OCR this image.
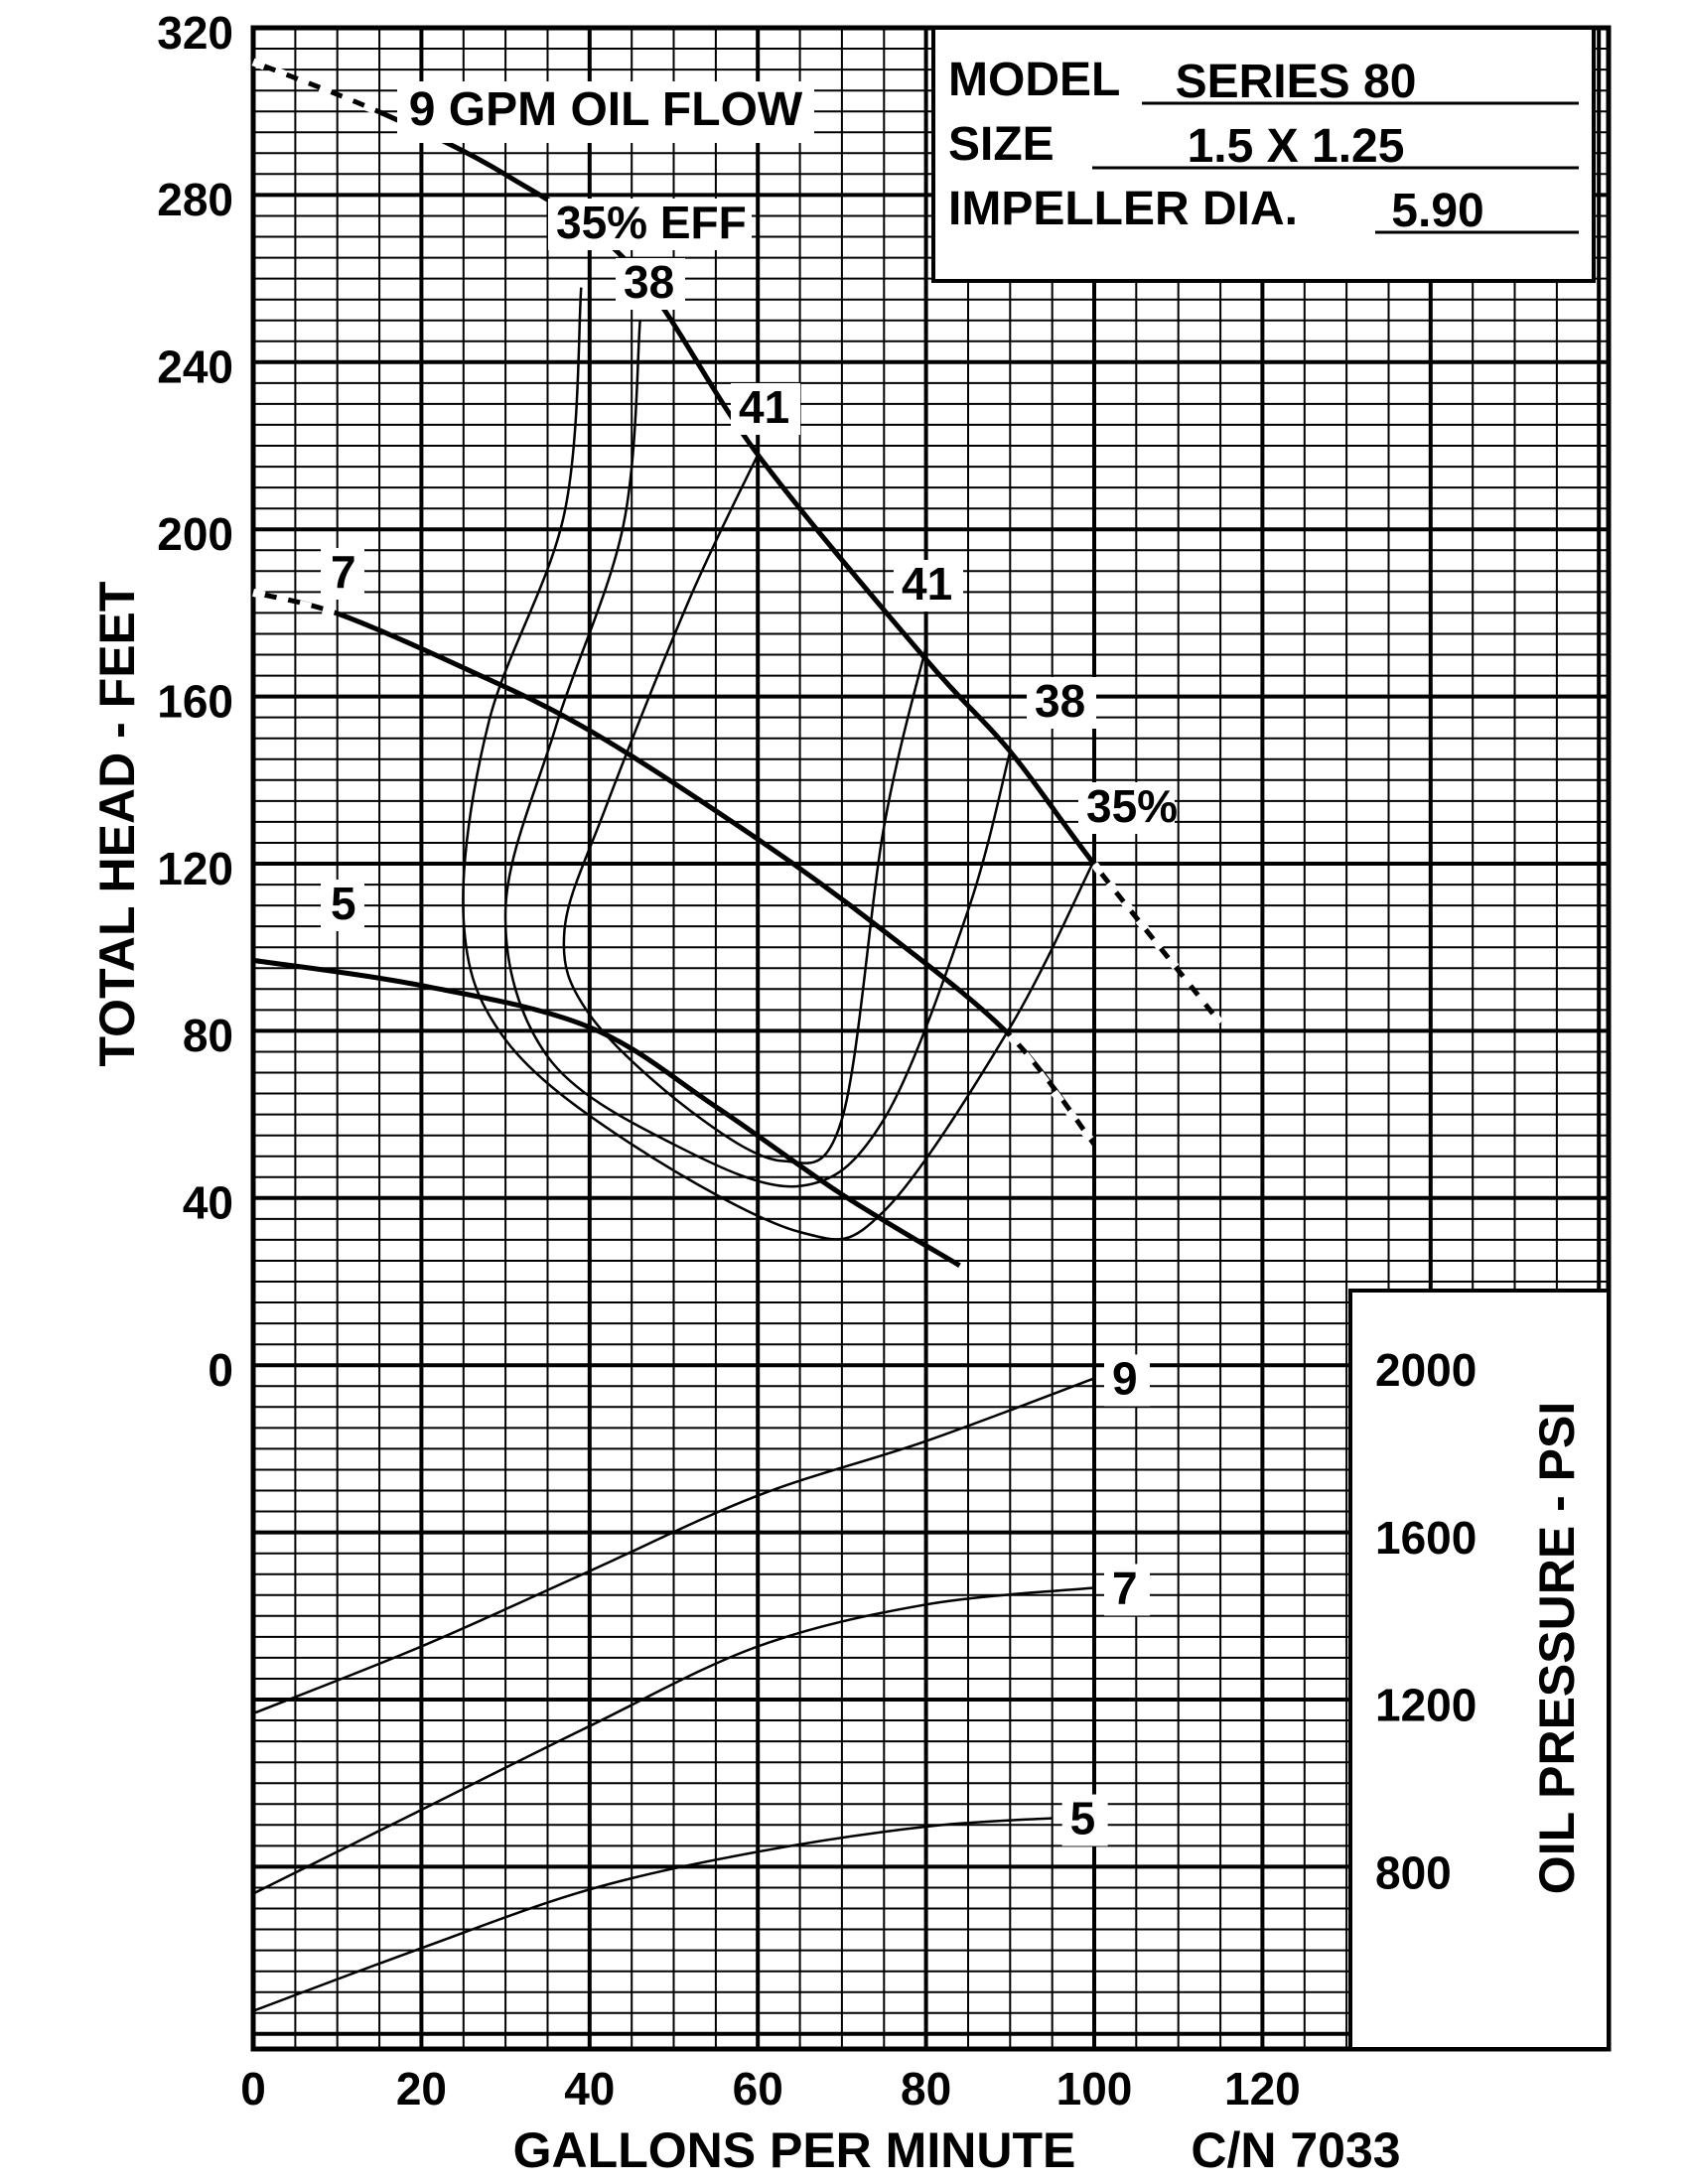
MODEL SERIES 80
SIZE	1.5 X 1.25
IMPELLER DIA. 5.90
9 GPM OIL FLOW
TOTAL HEAD - FEET
OIL PRESSURE - PSI
GALLONS PER MINUTE C/N 7033
0	20	40	60	80 100 120
320
280
240
200
160
120
80
40
0	2000
1600
1200
800
35% EFF
38
41
41
38
35%
7
5
9
7
5
